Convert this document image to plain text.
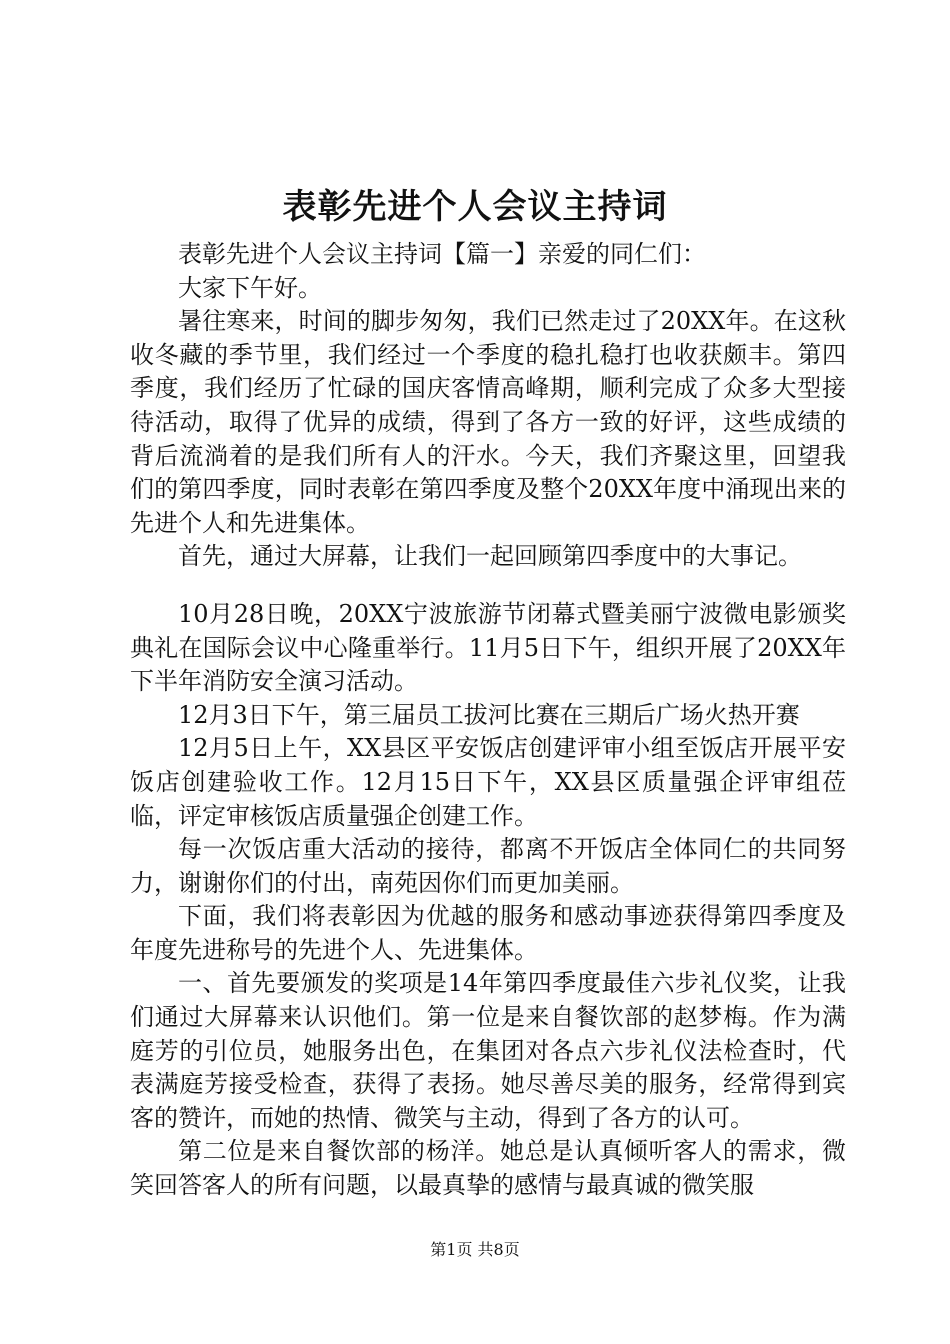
表彰先进个人会议主持词

表彰先进个人会议主持词【篇一】亲爱的同仁们：

大家下午好。

暑往寒来，时间的脚步匆匆，我们已然走过了20XX年。在这秋收冬藏的季节里，我们经过一个季度的稳扎稳打也收获颇丰。第四季度，我们经历了忙碌的国庆客情高峰期，顺利完成了众多大型接待活动，取得了优异的成绩，得到了各方一致的好评，这些成绩的背后流淌着的是我们所有人的汗水。今天，我们齐聚这里，回望我们的第四季度，同时表彰在第四季度及整个20XX年度中涌现出来的先进个人和先进集体。

首先，通过大屏幕，让我们一起回顾第四季度中的大事记。

10月28日晚，20XX宁波旅游节闭幕式暨美丽宁波微电影颁奖典礼在国际会议中心隆重举行。11月5日下午，组织开展了20XX年下半年消防安全演习活动。

12月3日下午，第三届员工拔河比赛在三期后广场火热开赛

12月5日上午，XX县区平安饭店创建评审小组至饭店开展平安饭店创建验收工作。12月15日下午，XX县区质量强企评审组莅临，评定审核饭店质量强企创建工作。

每一次饭店重大活动的接待，都离不开饭店全体同仁的共同努力，谢谢你们的付出，南苑因你们而更加美丽。

下面，我们将表彰因为优越的服务和感动事迹获得第四季度及年度先进称号的先进个人、先进集体。

一、首先要颁发的奖项是14年第四季度最佳六步礼仪奖，让我们通过大屏幕来认识他们。第一位是来自餐饮部的赵梦梅。作为满庭芳的引位员，她服务出色，在集团对各点六步礼仪法检查时，代表满庭芳接受检查，获得了表扬。她尽善尽美的服务，经常得到宾客的赞许，而她的热情、微笑与主动，得到了各方的认可。

第二位是来自餐饮部的杨洋。她总是认真倾听客人的需求，微笑回答客人的所有问题，以最真挚的感情与最真诚的微笑服

第1页 共8页
